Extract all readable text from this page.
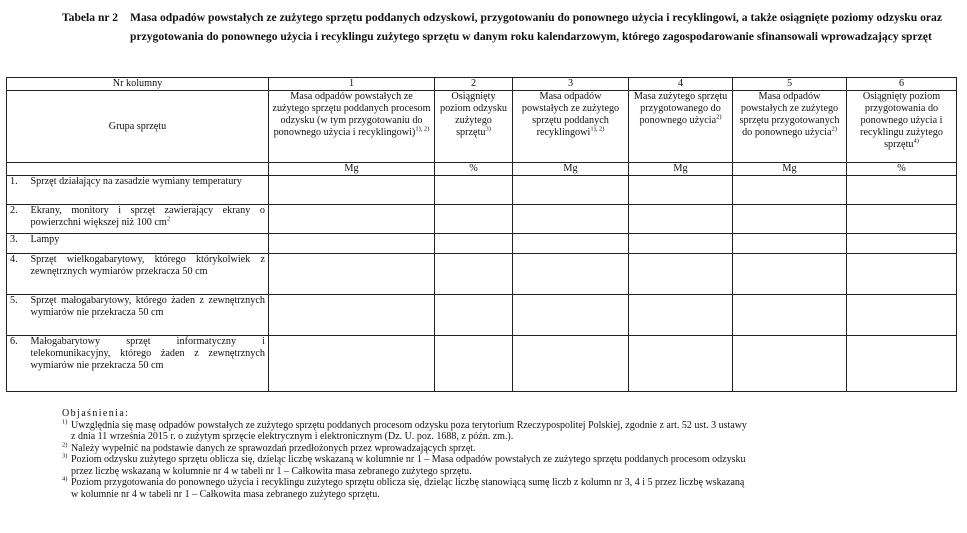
Tabela nr 2 Masa odpadów powstałych ze zużytego sprzętu poddanych odzyskowi, przygotowaniu do ponownego użycia i recyklingowi, a także osiągnięte poziomy odzysku oraz przygotowania do ponownego użycia i recyklingu zużytego sprzętu w danym roku kalendarzowym, którego zagospodarowanie sfinansowali wprowadzający sprzęt
Nr kolumny		1	2	3	4	5	6
Grupa sprzętu		Masa odpadów powstałych ze zużytego sprzętu poddanych procesom odzysku (w tym przygotowaniu do ponownego użycia i recyklingowi)$^{1), 2)}$	Osiągnięty poziom odzysku zużytego sprzętu$^{3)}$	Masa odpadów powstałych ze zużytego sprzętu poddanych recyklingowi$^{1), 2)}$	Masa zużytego sprzętu przygotowanego do ponownego użycia$^{2)}$	Masa odpadów powstałych ze zużytego sprzętu przygotowanych do ponownego użycia$^{2)}$	Osiągnięty poziom przygotowania do ponownego użycia i recyklingu zużytego sprzętu$^{4)}$
		Mg	%	Mg	Mg	Mg	%
1.	Sprzęt działający na zasadzie wymiany temperatury						
2.	Ekrany, monitory i sprzęt zawierający ekrany o powierzchni większej niż 100 $cm^2$						
3.	Lampy						
4.	Sprzęt wielkogabarytowy, którego którykolwiek z zewnętrznych wymiarów przekracza 50 cm						
5.	Sprzęt małogabarytowy, którego żaden z zewnętrznych wymiarów nie przekracza 50 cm						
6.	Małogabarytowy sprzęt informatyczny i telekomunikacyjny, którego żaden z zewnętrznych wymiarów nie przekracza 50 cm						
Objaśnienia:
$^{1)}$ Uwzględnia się masę odpadów powstałych ze zużytego sprzętu poddanych procesom odzysku poza terytorium Rzeczypospolitej Polskiej, zgodnie z art. 52 ust. 3 ustawy
z dnia 11 września 2015 r. o zużytym sprzęcie elektrycznym i elektronicznym (Dz. U. poz. 1688, z późn. zm.).
$^{2)}$ Należy wypełnić na podstawie danych ze sprawozdań przedłożonych przez wprowadzających sprzęt.
$^{3)}$ Poziom odzysku zużytego sprzętu oblicza się, dzieląc liczbę wskazaną w kolumnie nr 1 – Masa odpadów powstałych ze zużytego sprzętu poddanych procesom odzysku
przez liczbę wskazaną w kolumnie nr 4 w tabeli nr 1 – Całkowita masa zebranego zużytego sprzętu.
$^{4)}$ Poziom przygotowania do ponownego użycia i recyklingu zużytego sprzętu oblicza się, dzieląc liczbę stanowiącą sumę liczb z kolumn nr 3, 4 i 5 przez liczbę wskazaną
w kolumnie nr 4 w tabeli nr 1 – Całkowita masa zebranego zużytego sprzętu.
